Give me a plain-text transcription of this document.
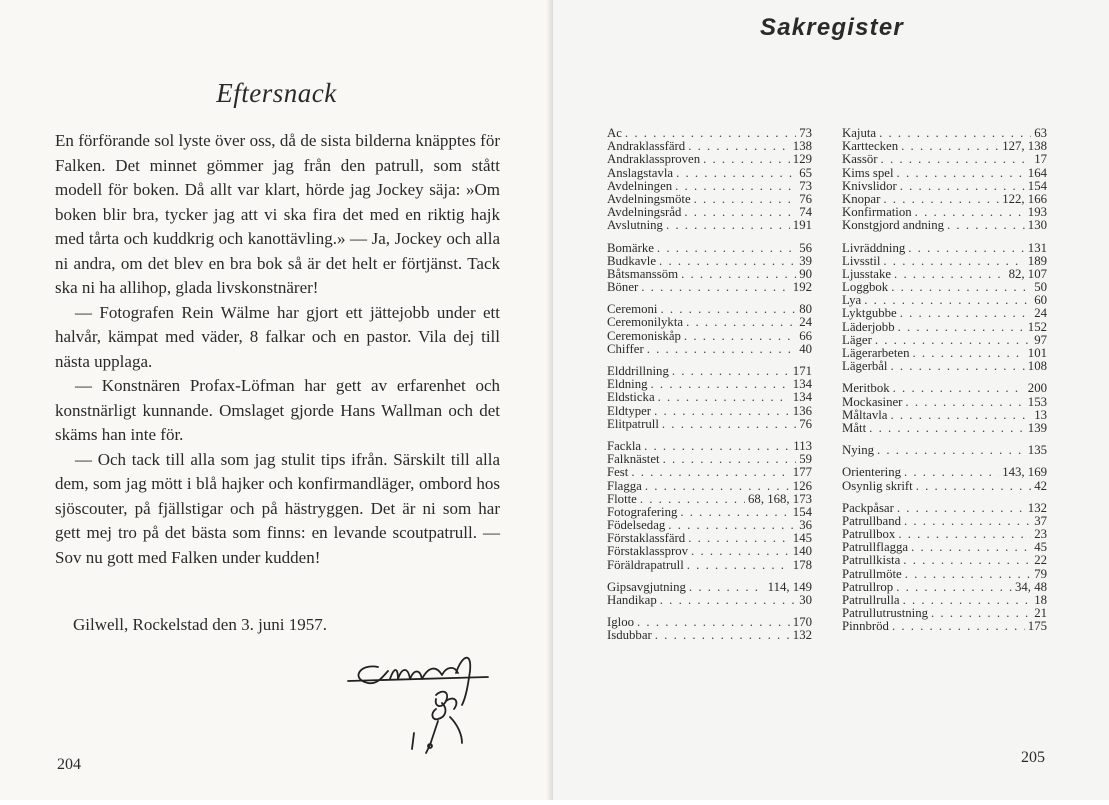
Eftersnack

En förförande sol lyste över oss, då de sista bilderna knäpptes för Falken. Det minnet gömmer jag från den patrull, som stått modell för boken. Då allt var klart, hörde jag Jockey säja: »Om boken blir bra, tycker jag att vi ska fira det med en riktig hajk med tårta och kuddkrig och kanottävling.» — Ja, Jockey och alla ni andra, om det blev en bra bok så är det helt er förtjänst. Tack ska ni ha allihop, glada livskonstnärer!

— Fotografen Rein Wälme har gjort ett jättejobb under ett halvår, kämpat med väder, 8 falkar och en pastor. Vila dej till nästa upplaga.

— Konstnären Profax-Löfman har gett av erfarenhet och konstnärligt kunnande. Omslaget gjorde Hans Wallman och det skäms han inte för.

— Och tack till alla som jag stulit tips ifrån. Särskilt till alla dem, som jag mött i blå hajker och konfirmandläger, ombord hos sjöscouter, på fjällstigar och på hästryggen. Det är ni som har gett mej tro på det bästa som finns: en levande scoutpatrull. — Sov nu gott med Falken under kudden!

Gilwell, Rockelstad den 3. juni 1957.
204
Sakregister
Ac . . .	73
Andraklassfärd . . .	138
Andraklassproven . . .	129
Anslagstavla . . .	65
Avdelningen . . .	73
Avdelningsmöte . . .	76
Avdelningsråd . . .	74
Avslutning . . .	191
Bomärke . . .	56
Budkavle . . .	39
Båtsmanssöm . . .	90
Böner . . .	192
Ceremoni . . .	80
Ceremonilykta . . .	24
Ceremoniskåp . . .	66
Chiffer . . .	40
Elddrillning . . .	171
Eldning . . .	134
Eldsticka . . .	134
Eldtyper . . .	136
Elitpatrull . . .	76
Fackla . . .	113
Falknästet . . .	59
Fest . . .	177
Flagga . . .	126
Flotte . . .	68, 168, 173
Fotografering . . .	154
Födelsedag . . .	36
Förstaklassfärd . . .	145
Förstaklassprov . . .	140
Föräldrapatrull . . .	178
Gipsavgjutning . . .	114, 149
Handikap . . .	30
Igloo . . .	170
Isdubbar . . .	132
Kajuta . . .	63
Karttecken . . .	127, 138
Kassör . . .	17
Kims spel . . .	164
Knivslidor . . .	154
Knopar . . .	122, 166
Konfirmation . . .	193
Konstgjord andning . . .	130
Livräddning . . .	131
Livsstil . . .	189
Ljusstake . . .	82, 107
Loggbok . . .	50
Lya . . .	60
Lyktgubbe . . .	24
Läderjobb . . .	152
Läger . . .	97
Lägerarbeten . . .	101
Lägerbål . . .	108
Meritbok . . .	200
Mockasiner . . .	153
Måltavla . . .	13
Mått . . .	139
Nying . . .	135
Orientering . . .	143, 169
Osynlig skrift . . .	42
Packpåsar . . .	132
Patrullband . . .	37
Patrullbox . . .	23
Patrullflagga . . .	45
Patrullkista . . .	22
Patrullmöte . . .	79
Patrullrop . . .	34, 48
Patrullrulla . . .	18
Patrullutrustning . . .	21
Pinnbröd . . .	175
205
